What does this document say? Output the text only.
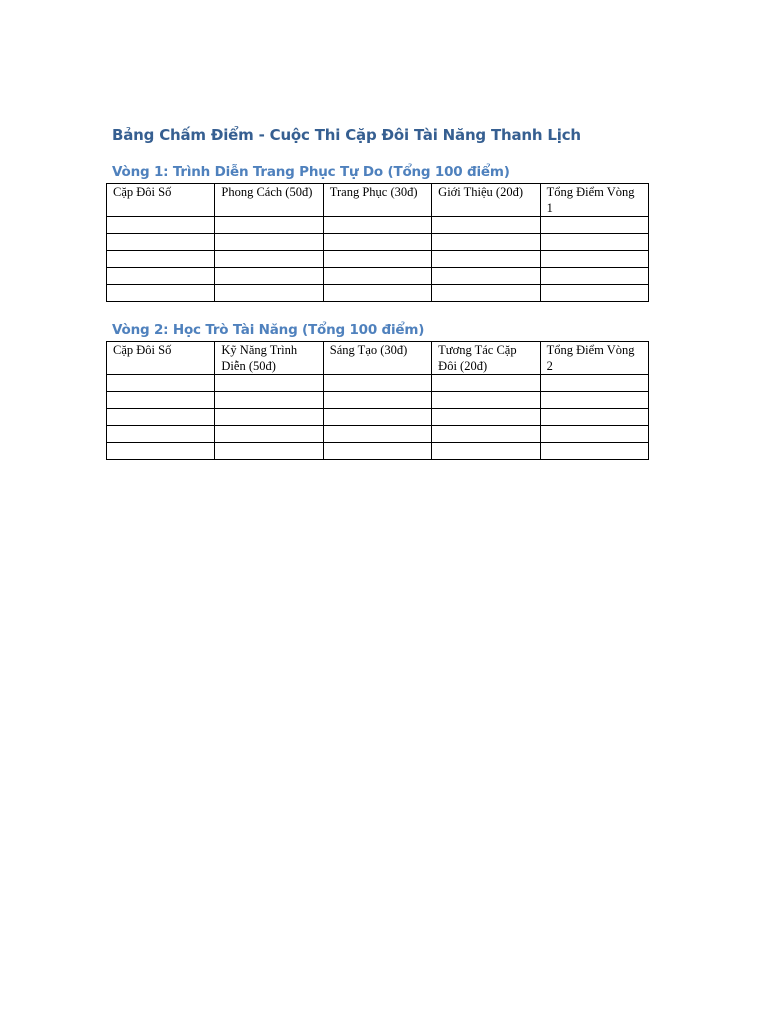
Bảng Chấm Điểm - Cuộc Thi Cặp Đôi Tài Năng Thanh Lịch
Vòng 1: Trình Diễn Trang Phục Tự Do (Tổng 100 điểm)
Cặp Đôi Số	Phong Cách (50đ)	Trang Phục (30đ)	Giới Thiệu (20đ)	Tổng Điểm Vòng 1

Vòng 2: Học Trò Tài Năng (Tổng 100 điểm)
Cặp Đôi Số	Kỹ Năng Trình Diễn (50đ)	Sáng Tạo (30đ)	Tương Tác Cặp Đôi (20đ)	Tổng Điểm Vòng 2
